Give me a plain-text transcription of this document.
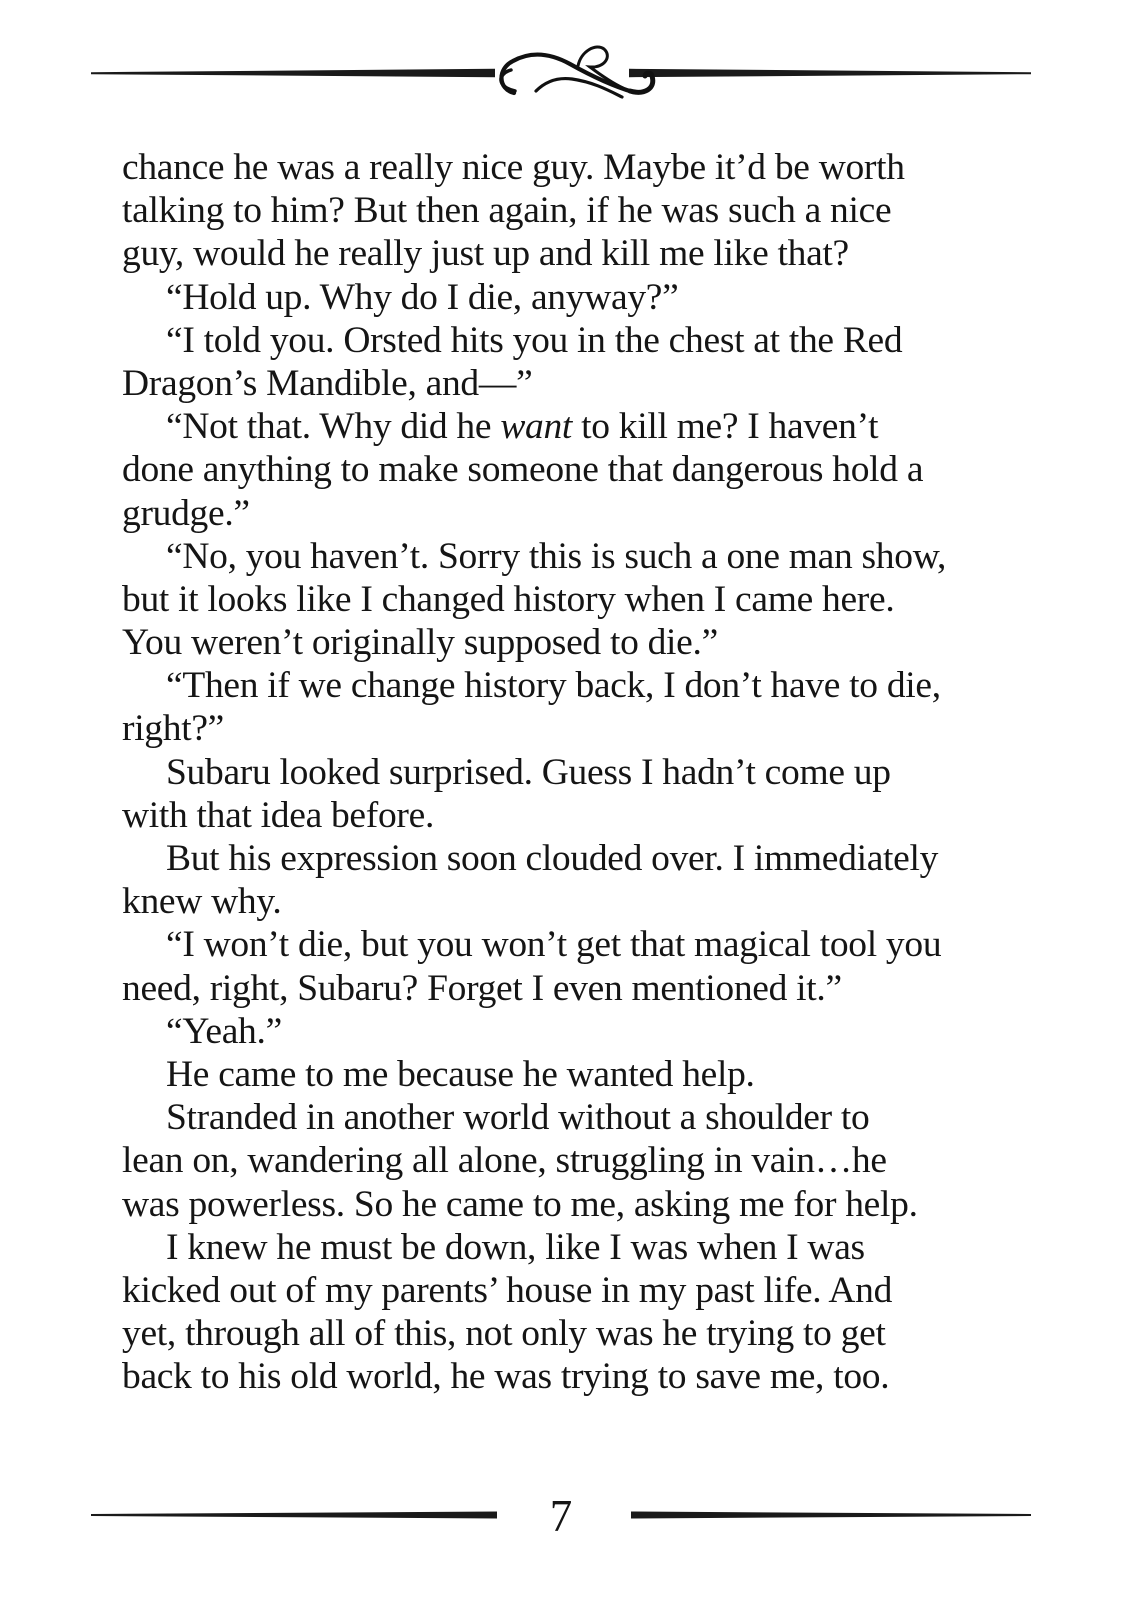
chance he was a really nice guy. Maybe it’d be worth
talking to him? But then again, if he was such a nice
guy, would he really just up and kill me like that?
“Hold up. Why do I die, anyway?”
“I told you. Orsted hits you in the chest at the Red
Dragon’s Mandible, and—”
“Not that. Why did he want to kill me? I haven’t
done anything to make someone that dangerous hold a
grudge.”
“No, you haven’t. Sorry this is such a one man show,
but it looks like I changed history when I came here.
You weren’t originally supposed to die.”
“Then if we change history back, I don’t have to die,
right?”
Subaru looked surprised. Guess I hadn’t come up
with that idea before.
But his expression soon clouded over. I immediately
knew why.
“I won’t die, but you won’t get that magical tool you
need, right, Subaru? Forget I even mentioned it.”
“Yeah.”
He came to me because he wanted help.
Stranded in another world without a shoulder to
lean on, wandering all alone, struggling in vain…he
was powerless. So he came to me, asking me for help.
I knew he must be down, like I was when I was
kicked out of my parents’ house in my past life. And
yet, through all of this, not only was he trying to get
back to his old world, he was trying to save me, too.
7
